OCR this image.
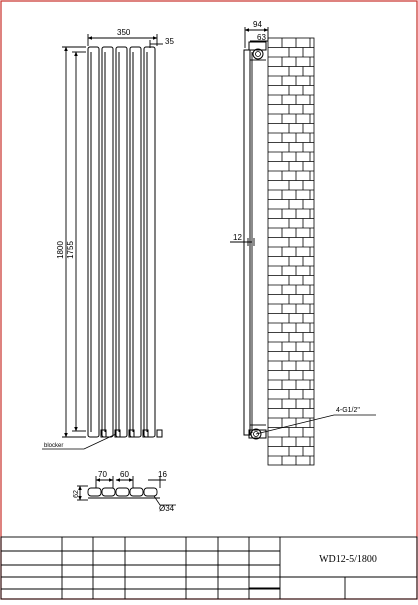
350
35
1800 1755
blocker
94
63
12
4-G1/2"
70 60	16
62
Ø34
WD12-5/1800
